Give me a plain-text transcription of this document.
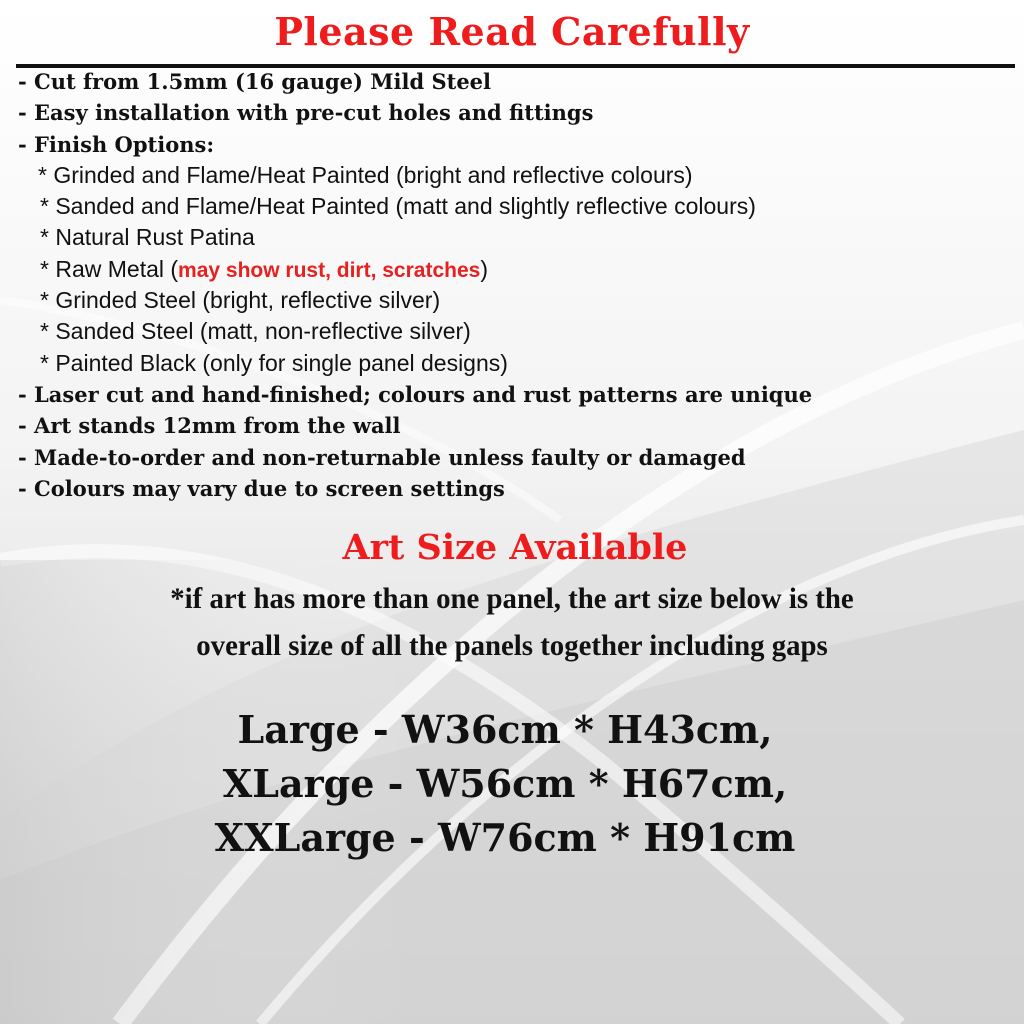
Please Read Carefully
- Cut from 1.5mm (16 gauge) Mild Steel
- Easy installation with pre-cut holes and fittings
- Finish Options:
* Grinded and Flame/Heat Painted (bright and reflective colours)
* Sanded and Flame/Heat Painted (matt and slightly reflective colours)
* Natural Rust Patina
* Raw Metal (may show rust, dirt, scratches)
* Grinded Steel (bright, reflective silver)
* Sanded Steel (matt, non-reflective silver)
* Painted Black (only for single panel designs)
- Laser cut and hand-finished; colours and rust patterns are unique
- Art stands 12mm from the wall
- Made-to-order and non-returnable unless faulty or damaged
- Colours may vary due to screen settings
Art Size Available
*if art has more than one panel, the art size below is the
overall size of all the panels together including gaps
Large - W36cm * H43cm,
XLarge - W56cm * H67cm,
XXLarge - W76cm * H91cm
